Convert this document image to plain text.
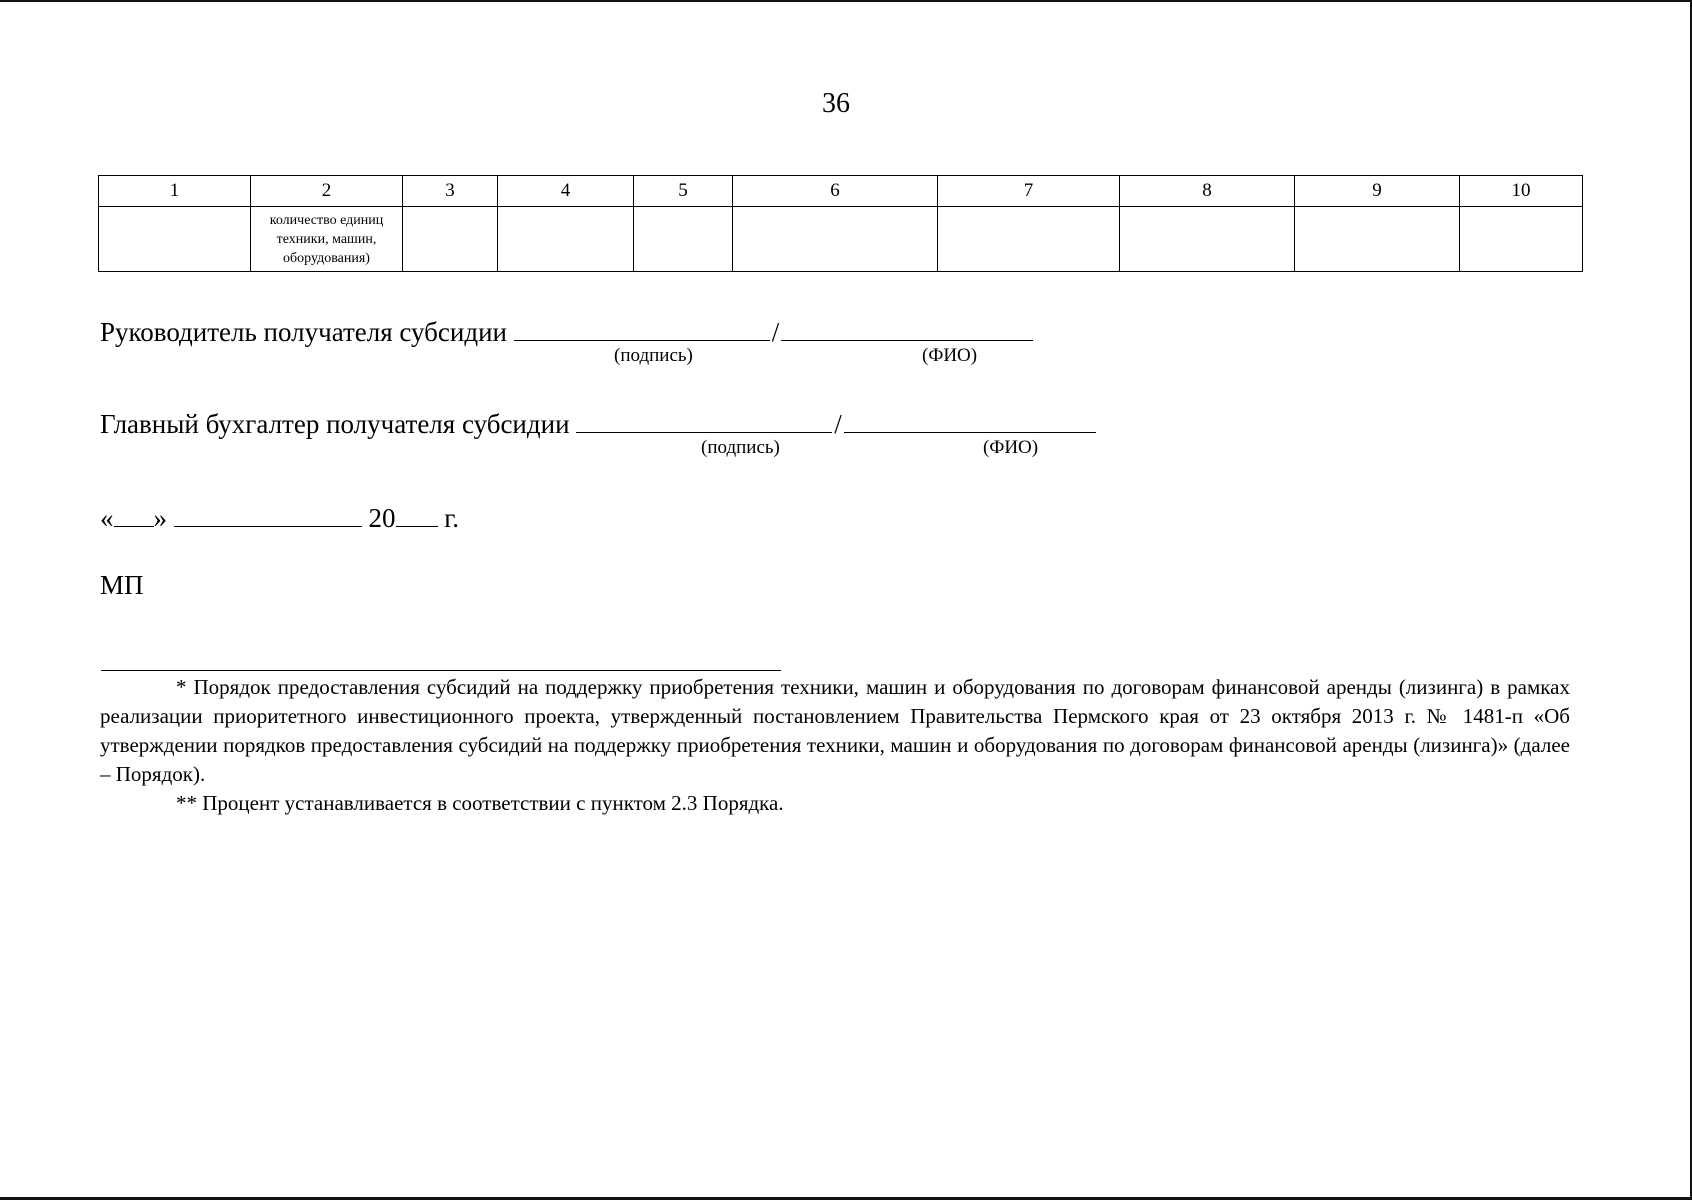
36
1	2	3	4	5	6	7	8	9	10
	количество единиц техники, машин, оборудования)								
Руководитель получателя субсидии	/
(подпись)	(ФИО)
Главный бухгалтер получателя субсидии	/
(подпись)	(ФИО)
« »	20 г.
МП

* Порядок предоставления субсидий на поддержку приобретения техники, машин и оборудования по договорам финансовой аренды (лизинга) в рамках реализации приоритетного инвестиционного проекта, утвержденный постановлением Правительства Пермского края от 23 октября 2013 г. № 1481-п «Об утверждении порядков предоставления субсидий на поддержку приобретения техники, машин и оборудования по договорам финансовой аренды (лизинга)» (далее – Порядок).

** Процент устанавливается в соответствии с пунктом 2.3 Порядка.
